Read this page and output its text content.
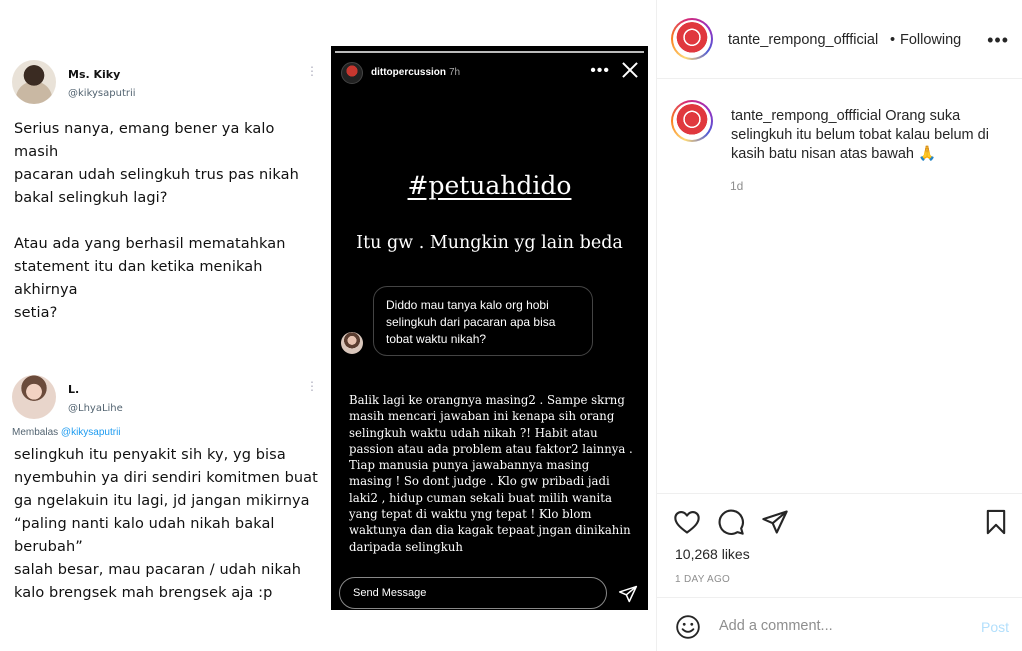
Ms. Kiky
@kikysaputrii
⋮
Serius nanya, emang bener ya kalo masih
pacaran udah selingkuh trus pas nikah
bakal selingkuh lagi?

Atau ada yang berhasil mematahkan
statement itu dan ketika menikah akhirnya
setia?
L.
@LhyaLihe
⋮
Membalas @kikysaputrii
selingkuh itu penyakit sih ky, yg bisa
nyembuhin ya diri sendiri komitmen buat
ga ngelakuin itu lagi, jd jangan mikirnya
“paling nanti kalo udah nikah bakal
berubah”
salah besar, mau pacaran / udah nikah
kalo brengsek mah brengsek aja :p
dittopercussion 7h	•••
#petuahdido
Itu gw . Mungkin yg lain beda
Diddo mau tanya kalo org hobi selingkuh dari pacaran apa bisa tobat waktu nikah?
Balik lagi ke orangnya masing2 . Sampe skrng
masih mencari jawaban ini kenapa sih orang
selingkuh waktu udah nikah ?! Habit atau
passion atau ada problem atau faktor2 lainnya .
Tiap manusia punya jawabannya masing
masing ! So dont judge . Klo gw pribadi jadi
laki2 , hidup cuman sekali buat milih wanita
yang tepat di waktu yng tepat ! Klo blom
waktunya dan dia kagak tepaat jngan dinikahin
daripada selingkuh
Send Message
tante_rempong_offficial • Following •••
tante_rempong_offficial Orang suka selingkuh itu belum tobat kalau belum di kasih batu nisan atas bawah 🙏
1d
10,268 likes
1 DAY AGO
Add a comment...
Post
